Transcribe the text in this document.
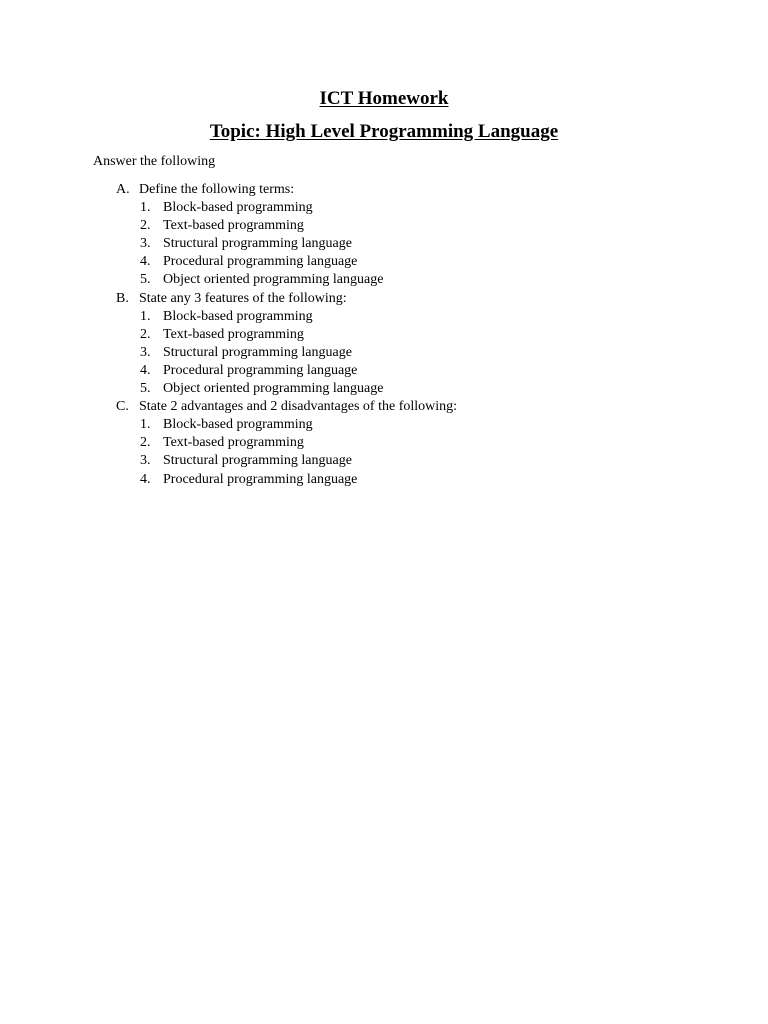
ICT Homework
Topic: High Level Programming Language

Answer the following

A. Define the following terms:
1. Block-based programming
2. Text-based programming
3. Structural programming language
4. Procedural programming language
5. Object oriented programming language
B. State any 3 features of the following:
1. Block-based programming
2. Text-based programming
3. Structural programming language
4. Procedural programming language
5. Object oriented programming language
C. State 2 advantages and 2 disadvantages of the following:
1. Block-based programming
2. Text-based programming
3. Structural programming language
4. Procedural programming language
